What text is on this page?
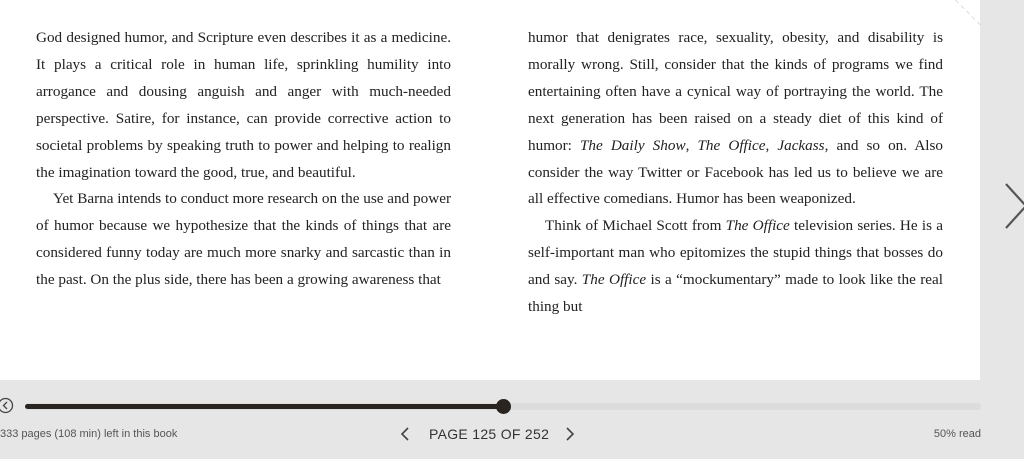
God designed humor, and Scripture even describes it as a medicine. It plays a critical role in human life, sprinkling humility into arrogance and dousing anguish and anger with much-needed perspective. Satire, for instance, can provide corrective action to societal problems by speaking truth to power and helping to realign the imagination toward the good, true, and beautiful.

Yet Barna intends to conduct more research on the use and power of humor because we hypothesize that the kinds of things that are considered funny today are much more snarky and sarcastic than in the past. On the plus side, there has been a growing awareness that

humor that denigrates race, sexuality, obesity, and disability is morally wrong. Still, consider that the kinds of programs we find entertaining often have a cynical way of portraying the world. The next generation has been raised on a steady diet of this kind of humor: The Daily Show, The Office, Jackass, and so on. Also consider the way Twitter or Facebook has led us to believe we are all effective comedians. Humor has been weaponized.

Think of Michael Scott from The Office television series. He is a self-important man who epitomizes the stupid things that bosses do and say. The Office is a “mockumentary” made to look like the real thing but

333 pages (108 min) left in this book	PAGE 125 OF 252	50% read
